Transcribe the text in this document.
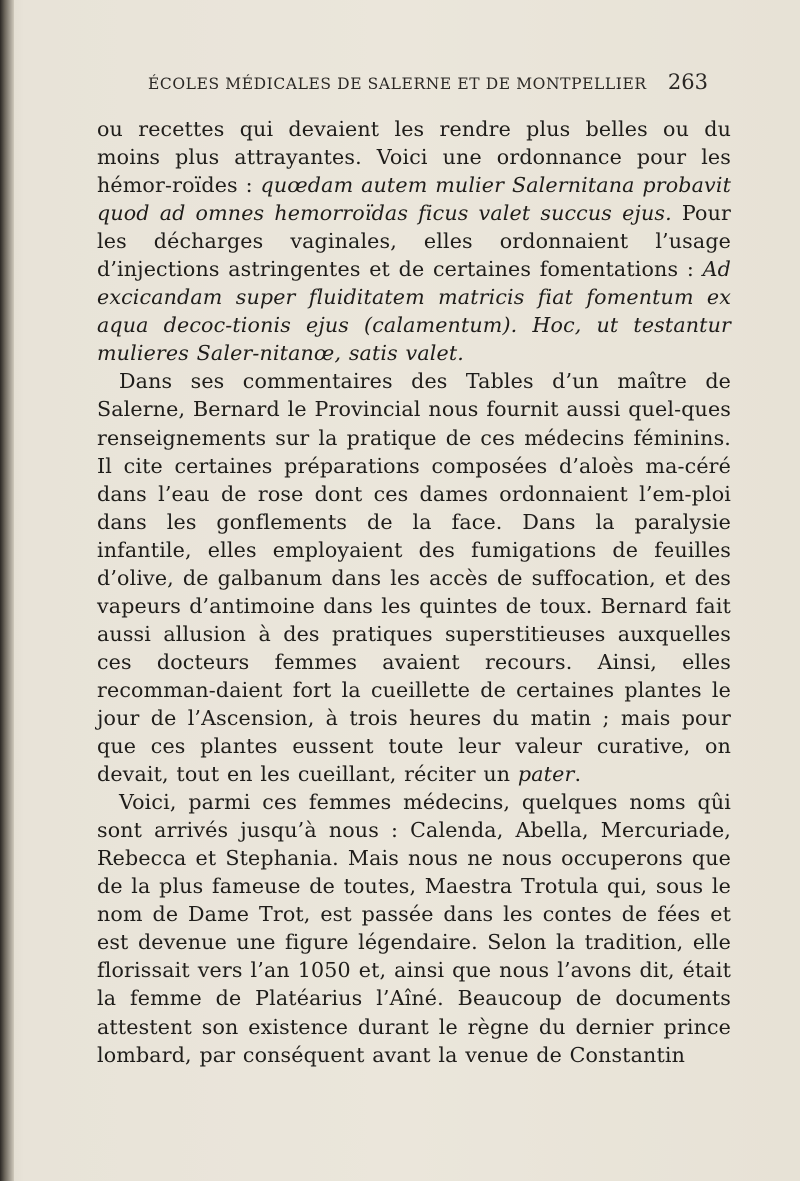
ÉCOLES MÉDICALES DE SALERNE ET DE MONTPELLIER 263

ou recettes qui devaient les rendre plus belles ou du moins plus attrayantes. Voici une ordonnance pour les hémor-roïdes : quœdam autem mulier Salernitana probavit quod ad omnes hemorroïdas ficus valet succus ejus. Pour les décharges vaginales, elles ordonnaient l’usage d’injections astringentes et de certaines fomentations : Ad excicandam super fluiditatem matricis fiat fomentum ex aqua decoc-tionis ejus (calamentum). Hoc, ut testantur mulieres Saler-nitanœ, satis valet.

Dans ses commentaires des Tables d’un maître de Salerne, Bernard le Provincial nous fournit aussi quel-ques renseignements sur la pratique de ces médecins féminins. Il cite certaines préparations composées d’aloès ma-céré dans l’eau de rose dont ces dames ordonnaient l’em-ploi dans les gonflements de la face. Dans la paralysie infantile, elles employaient des fumigations de feuilles d’olive, de galbanum dans les accès de suffocation, et des vapeurs d’antimoine dans les quintes de toux. Bernard fait aussi allusion à des pratiques superstitieuses auxquelles ces docteurs femmes avaient recours. Ainsi, elles recomman-daient fort la cueillette de certaines plantes le jour de l’Ascension, à trois heures du matin ; mais pour que ces plantes eussent toute leur valeur curative, on devait, tout en les cueillant, réciter un pater.

Voici, parmi ces femmes médecins, quelques noms qûi sont arrivés jusqu’à nous : Calenda, Abella, Mercuriade, Rebecca et Stephania. Mais nous ne nous occuperons que de la plus fameuse de toutes, Maestra Trotula qui, sous le nom de Dame Trot, est passée dans les contes de fées et est devenue une figure légendaire. Selon la tradition, elle florissait vers l’an 1050 et, ainsi que nous l’avons dit, était la femme de Platéarius l’Aîné. Beaucoup de documents attestent son existence durant le règne du dernier prince lombard, par conséquent avant la venue de Constantin
